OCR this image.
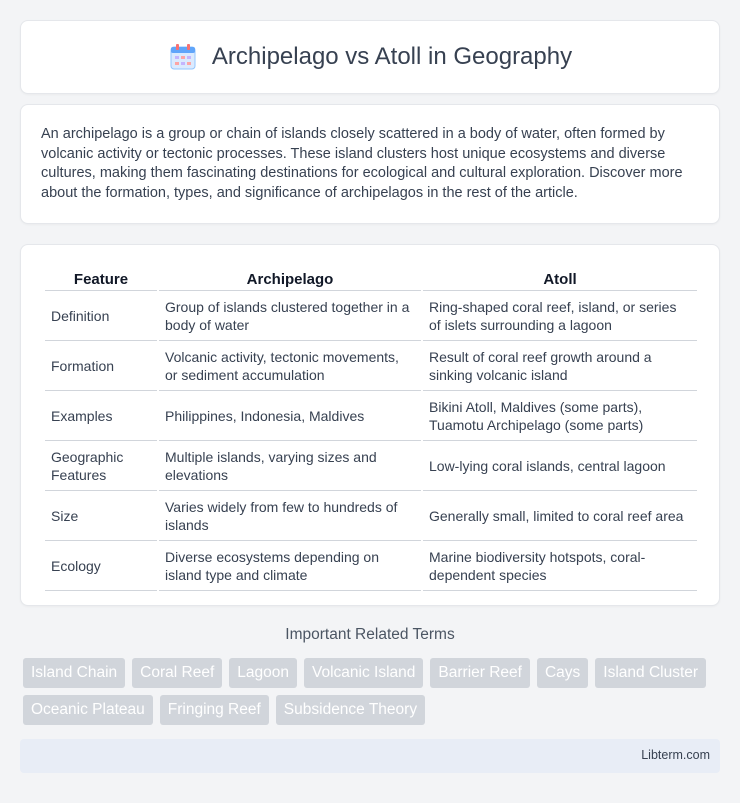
Archipelago vs Atoll in Geography

An archipelago is a group or chain of islands closely scattered in a body of water, often formed by volcanic activity or tectonic processes. These island clusters host unique ecosystems and diverse cultures, making them fascinating destinations for ecological and cultural exploration. Discover more about the formation, types, and significance of archipelagos in the rest of the article.

Feature	Archipelago	Atoll
Definition	Group of islands clustered together in a body of water	Ring-shaped coral reef, island, or series of islets surrounding a lagoon
Formation	Volcanic activity, tectonic movements, or sediment accumulation	Result of coral reef growth around a sinking volcanic island
Examples	Philippines, Indonesia, Maldives	Bikini Atoll, Maldives (some parts), Tuamotu Archipelago (some parts)
Geographic Features	Multiple islands, varying sizes and elevations	Low-lying coral islands, central lagoon
Size	Varies widely from few to hundreds of islands	Generally small, limited to coral reef area
Ecology	Diverse ecosystems depending on island type and climate	Marine biodiversity hotspots, coral-dependent species
Important Related Terms
Island Chain	Coral Reef	Lagoon	Volcanic Island	Barrier Reef	Cays	Island Cluster
Oceanic Plateau	Fringing Reef	Subsidence Theory
Libterm.com
